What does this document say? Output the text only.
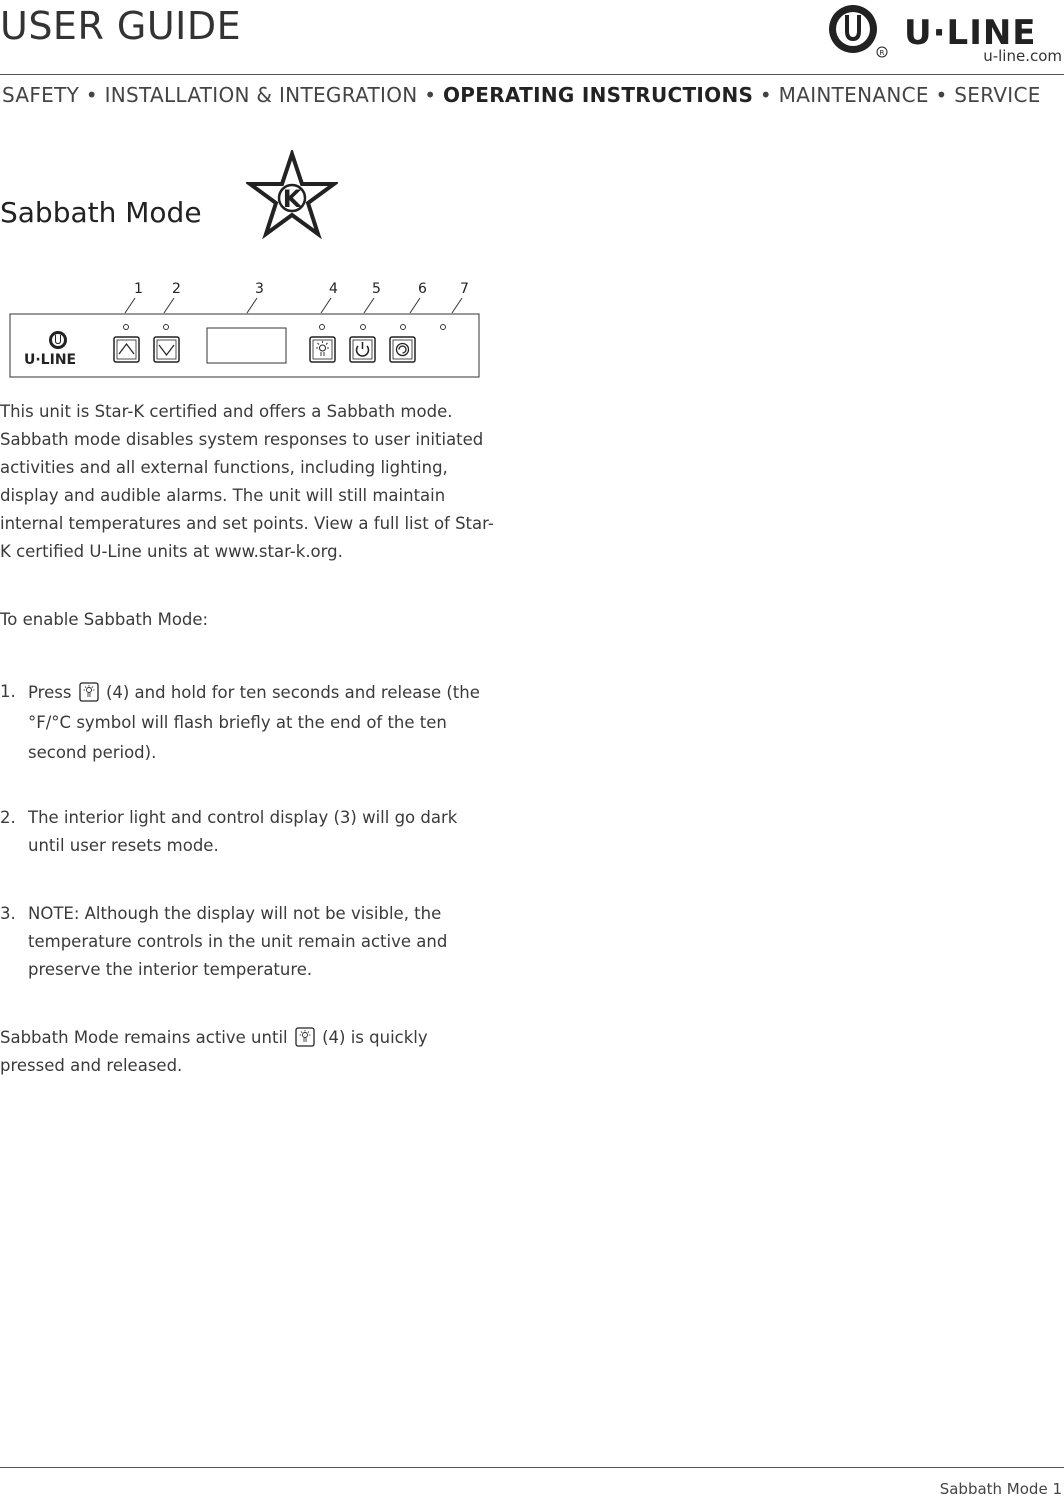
USER GUIDE
R U·LINE
u-line.com
SAFETY • INSTALLATION & INTEGRATION • OPERATING INSTRUCTIONS • MAINTENANCE • SERVICE
Sabbath Mode	K
1 2	3	4 5	6 7
U·LINE

This unit is Star-K certified and offers a Sabbath mode. Sabbath mode disables system responses to user initiated activities and all external functions, including lighting, display and audible alarms. The unit will still maintain internal temperatures and set points. View a full list of Star-K certified U-Line units at www.star-k.org.

To enable Sabbath Mode:

1. Press (4) and hold for ten seconds and release (the °F/°C symbol will flash briefly at the end of the ten second period).
2. The interior light and control display (3) will go dark until user resets mode.
3. NOTE: Although the display will not be visible, the temperature controls in the unit remain active and preserve the interior temperature.

Sabbath Mode remains active until (4) is quickly pressed and released.

Sabbath Mode 1
